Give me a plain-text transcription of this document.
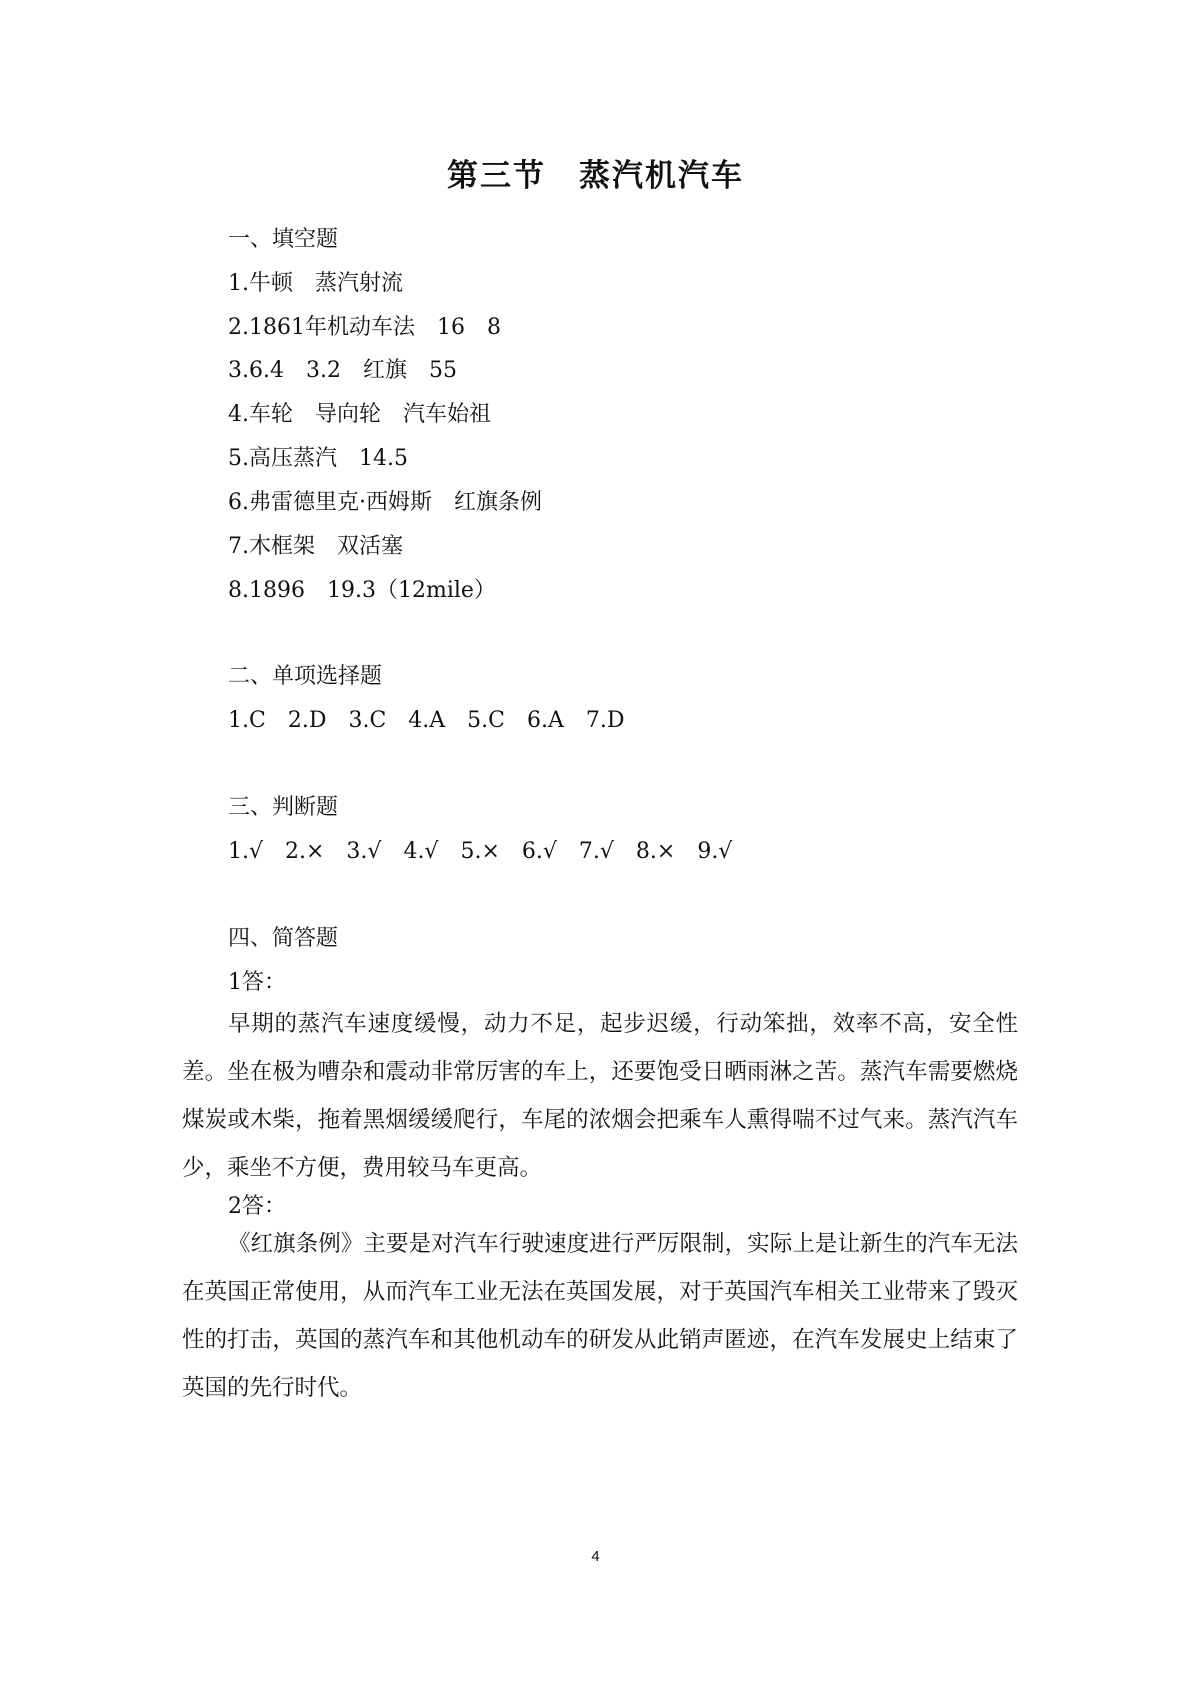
第三节　蒸汽机汽车
一、填空题
1.牛顿　蒸汽射流
2.1861年机动车法　16　8
3.6.4　3.2　红旗　55
4.车轮　导向轮　汽车始祖
5.高压蒸汽　14.5
6.弗雷德里克·西姆斯　红旗条例
7.木框架　双活塞
8.1896　19.3（12mile）
二、单项选择题
1.C　2.D　3.C　4.A　5.C　6.A　7.D
三、判断题
1.√　2.×　3.√　4.√　5.×　6.√　7.√　8.×　9.√
四、简答题
1答：
早期的蒸汽车速度缓慢，动力不足，起步迟缓，行动笨拙，效率不高，安全性差。坐在极为嘈杂和震动非常厉害的车上，还要饱受日晒雨淋之苦。蒸汽车需要燃烧煤炭或木柴，拖着黑烟缓缓爬行，车尾的浓烟会把乘车人熏得喘不过气来。蒸汽汽车少，乘坐不方便，费用较马车更高。
2答：
《红旗条例》主要是对汽车行驶速度进行严厉限制，实际上是让新生的汽车无法在英国正常使用，从而汽车工业无法在英国发展，对于英国汽车相关工业带来了毁灭性的打击，英国的蒸汽车和其他机动车的研发从此销声匿迹，在汽车发展史上结束了英国的先行时代。
4
